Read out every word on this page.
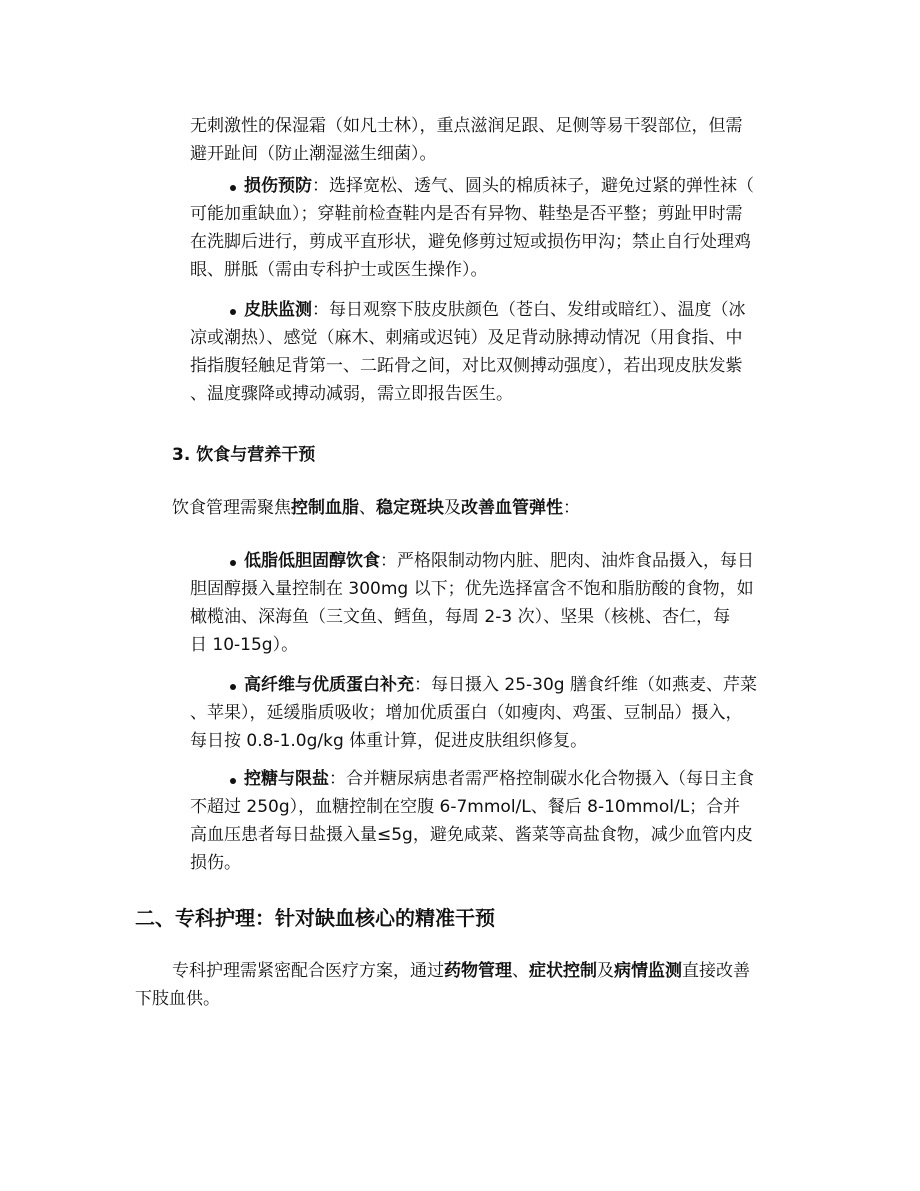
无刺激性的保湿霜（如凡士林），重点滋润足跟、足侧等易干裂部位，但需
避开趾间（防止潮湿滋生细菌）。
损伤预防：选择宽松、透气、圆头的棉质袜子，避免过紧的弹性袜（
可能加重缺血）；穿鞋前检查鞋内是否有异物、鞋垫是否平整；剪趾甲时需
在洗脚后进行，剪成平直形状，避免修剪过短或损伤甲沟；禁止自行处理鸡
眼、胼胝（需由专科护士或医生操作）。
皮肤监测：每日观察下肢皮肤颜色（苍白、发绀或暗红）、温度（冰
凉或潮热）、感觉（麻木、刺痛或迟钝）及足背动脉搏动情况（用食指、中
指指腹轻触足背第一、二跖骨之间，对比双侧搏动强度），若出现皮肤发紫
、温度骤降或搏动减弱，需立即报告医生。
3. 饮食与营养干预
饮食管理需聚焦控制血脂、稳定斑块及改善血管弹性：
低脂低胆固醇饮食：严格限制动物内脏、肥肉、油炸食品摄入，每日
胆固醇摄入量控制在 300mg 以下；优先选择富含不饱和脂肪酸的食物，如
橄榄油、深海鱼（三文鱼、鳕鱼，每周 2-3 次）、坚果（核桃、杏仁，每
日 10-15g）。
高纤维与优质蛋白补充：每日摄入 25-30g 膳食纤维（如燕麦、芹菜
、苹果），延缓脂质吸收；增加优质蛋白（如瘦肉、鸡蛋、豆制品）摄入，
每日按 0.8-1.0g/kg 体重计算，促进皮肤组织修复。
控糖与限盐：合并糖尿病患者需严格控制碳水化合物摄入（每日主食
不超过 250g），血糖控制在空腹 6-7mmol/L、餐后 8-10mmol/L；合并
高血压患者每日盐摄入量≤5g，避免咸菜、酱菜等高盐食物，减少血管内皮
损伤。
二、专科护理：针对缺血核心的精准干预
专科护理需紧密配合医疗方案，通过药物管理、症状控制及病情监测直接改善
下肢血供。
